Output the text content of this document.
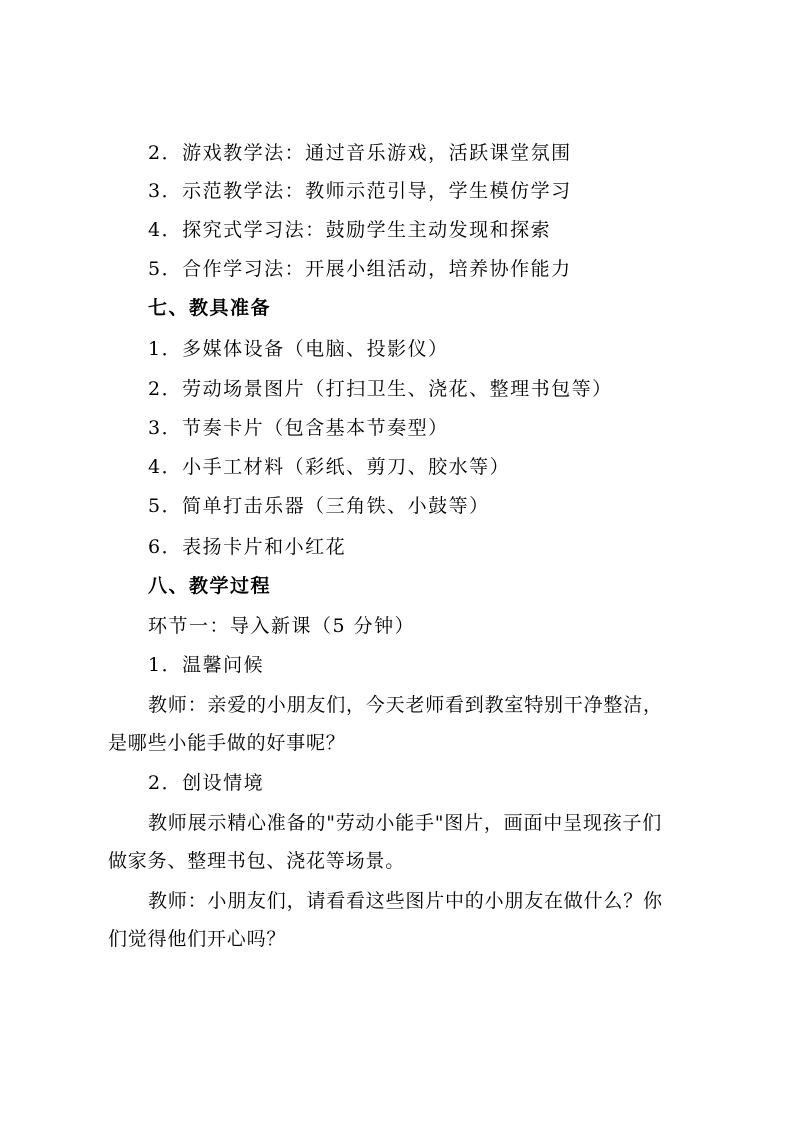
2．游戏教学法：通过音乐游戏，活跃课堂氛围
3．示范教学法：教师示范引导，学生模仿学习
4．探究式学习法：鼓励学生主动发现和探索
5．合作学习法：开展小组活动，培养协作能力
七、教具准备
1．多媒体设备（电脑、投影仪）
2．劳动场景图片（打扫卫生、浇花、整理书包等）
3．节奏卡片（包含基本节奏型）
4．小手工材料（彩纸、剪刀、胶水等）
5．简单打击乐器（三角铁、小鼓等）
6．表扬卡片和小红花
八、教学过程
环节一：导入新课（5 分钟）
1．温馨问候
教师：亲爱的小朋友们，今天老师看到教室特别干净整洁，
是哪些小能手做的好事呢？
2．创设情境
教师展示精心准备的"劳动小能手"图片，画面中呈现孩子们
做家务、整理书包、浇花等场景。
教师：小朋友们，请看看这些图片中的小朋友在做什么？你
们觉得他们开心吗？
